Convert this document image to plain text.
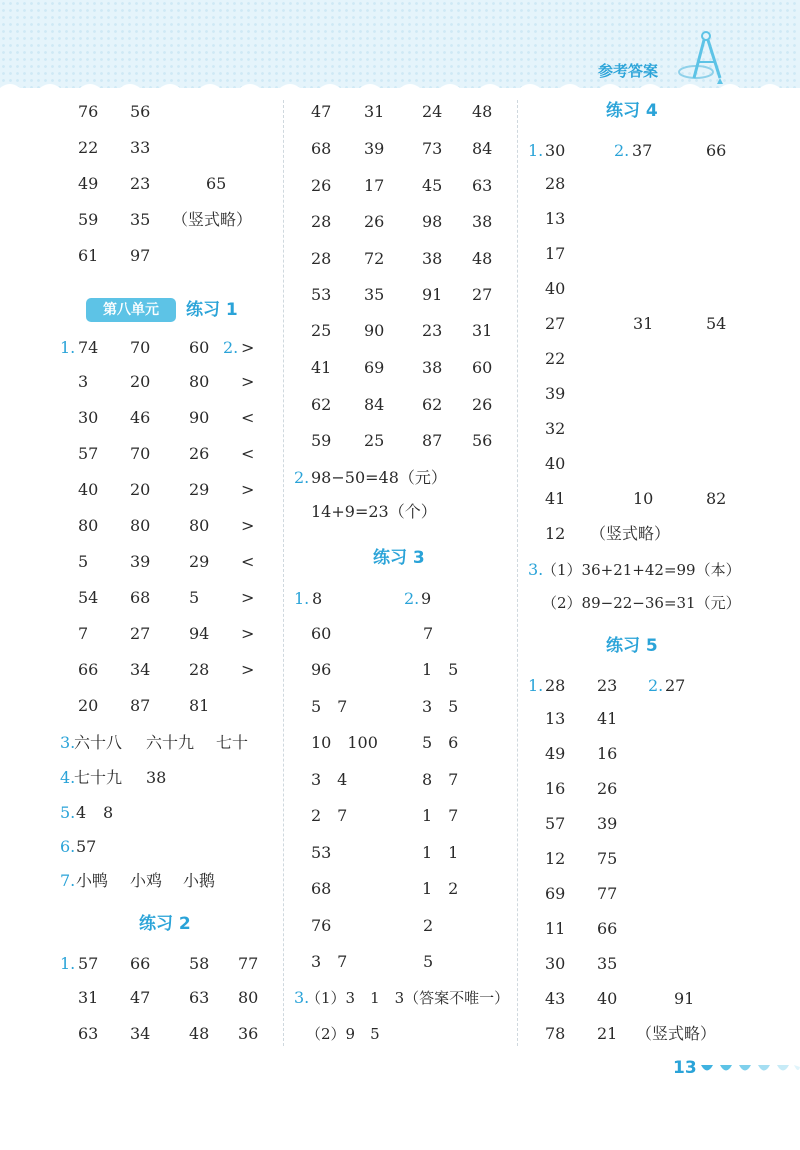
参考答案
76 56
22 33
49 23	65
59 35 （竖式略）
61 97
第八单元	练习 1
1.	2.
74 70 60 >
3	20 80 >
30 46 90 <
57 70 26 <
40 20 29 >
80 80 80 >
5	39 29 <
54 68 5	>
7	27 94 >
66 34 28 >
20 87 81
3.
六十八 六十九 七十
4.
七十九 38
5. 4 8
6. 57
7. 小鸭 小鸡 小鹅
练习 2
1. 57 66 58 77
31 47 63 80
63 34 48 36
47 31 24 48
68 39 73 84
26 17 45 63
28 26 98 38
28 72 38 48
53 35 91 27
25 90 23 31
41 69 38 60
62 84 62 26
59 25 87 56
2. 98−50=48（元）
14+9=23（个）
练习 3
1.	2.
8	9
60	7
96	1　5
5　7	3　5
10　100	5　6
3　4	8　7
2　7	1　7
53	1　1
68	1　2
76	2
3　7	5
3.
（1）3　1　3（答案不唯一）
（2）9　5
练习 4
1.	2.
30	37	66
28
13
17
40
27	31	54
22
39
32
40
41	10	82
12 （竖式略）
3.
（1）36+21+42=99（本）
（2）89−22−36=31（元）
练习 5
1.	2.
28 23	27
13 41
49 16
16 26
57 39
12 75
69 77
11 66
30 35
43 40	91
78 21 （竖式略）
13
